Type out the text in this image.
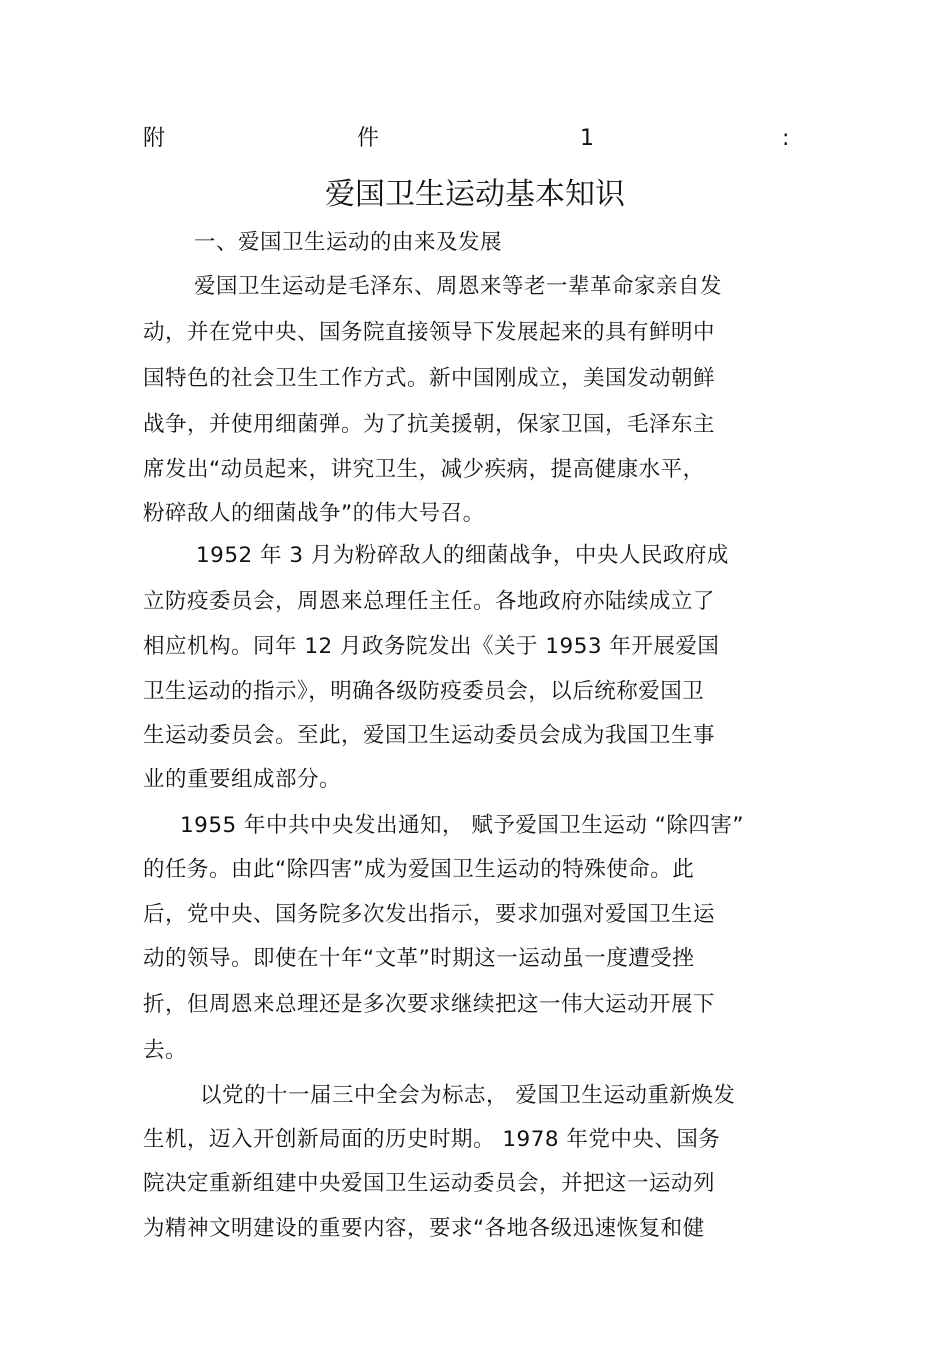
附	件	1	:
爱国卫生运动基本知识
一、爱国卫生运动的由来及发展
爱国卫生运动是毛泽东、周恩来等老一辈革命家亲自发
动，并在党中央、国务院直接领导下发展起来的具有鲜明中
国特色的社会卫生工作方式。新中国刚成立，美国发动朝鲜
战争，并使用细菌弹。为了抗美援朝，保家卫国，毛泽东主
席发出“动员起来，讲究卫生，减少疾病，提高健康水平，
粉碎敌人的细菌战争”的伟大号召。
1952 年 3 月为粉碎敌人的细菌战争，中央人民政府成
立防疫委员会，周恩来总理任主任。各地政府亦陆续成立了
相应机构。同年 12 月政务院发出《关于 1953 年开展爱国
卫生运动的指示》，明确各级防疫委员会，以后统称爱国卫
生运动委员会。至此，爱国卫生运动委员会成为我国卫生事
业的重要组成部分。
1955 年中共中央发出通知， 赋予爱国卫生运动 “除四害”
的任务。由此“除四害”成为爱国卫生运动的特殊使命。此
后，党中央、国务院多次发出指示，要求加强对爱国卫生运
动的领导。即使在十年“文革”时期这一运动虽一度遭受挫
折，但周恩来总理还是多次要求继续把这一伟大运动开展下
去。
以党的十一届三中全会为标志， 爱国卫生运动重新焕发
生机，迈入开创新局面的历史时期。 1978 年党中央、国务
院决定重新组建中央爱国卫生运动委员会，并把这一运动列
为精神文明建设的重要内容，要求“各地各级迅速恢复和健
